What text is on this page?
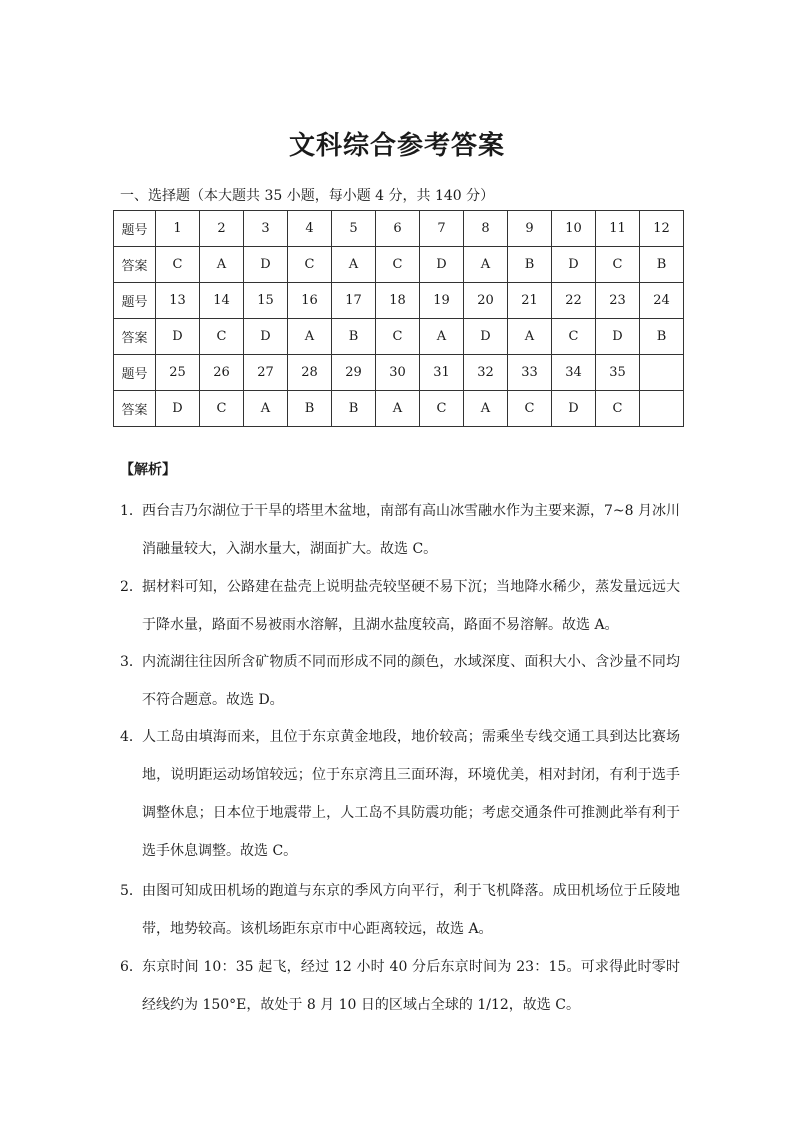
文科综合参考答案
一、选择题（本大题共 35 小题，每小题 4 分，共 140 分）
题号	1	2	3	4	5	6	7	8	9	10	11	12
答案	C	A	D	C	A	C	D	A	B	D	C	B
题号	13	14	15	16	17	18	19	20	21	22	23	24
答案	D	C	D	A	B	C	A	D	A	C	D	B
题号	25	26	27	28	29	30	31	32	33	34	35	
答案	D	C	A	B	B	A	C	A	C	D	C	
【解析】
1． 西台吉乃尔湖位于干旱的塔里木盆地，南部有高山冰雪融水作为主要来源，7~8 月冰川消融量较大，入湖水量大，湖面扩大。故选 C。
2． 据材料可知，公路建在盐壳上说明盐壳较坚硬不易下沉；当地降水稀少，蒸发量远远大于降水量，路面不易被雨水溶解，且湖水盐度较高，路面不易溶解。故选 A。
3． 内流湖往往因所含矿物质不同而形成不同的颜色，水域深度、面积大小、含沙量不同均不符合题意。故选 D。
4． 人工岛由填海而来，且位于东京黄金地段，地价较高；需乘坐专线交通工具到达比赛场地，说明距运动场馆较远；位于东京湾且三面环海，环境优美，相对封闭，有利于选手调整休息；日本位于地震带上，人工岛不具防震功能；考虑交通条件可推测此举有利于选手休息调整。故选 C。
5． 由图可知成田机场的跑道与东京的季风方向平行，利于飞机降落。成田机场位于丘陵地带，地势较高。该机场距东京市中心距离较远，故选 A。
6． 东京时间 10：35 起飞，经过 12 小时 40 分后东京时间为 23：15。可求得此时零时经线约为 150°E，故处于 8 月 10 日的区域占全球的 1/12，故选 C。
